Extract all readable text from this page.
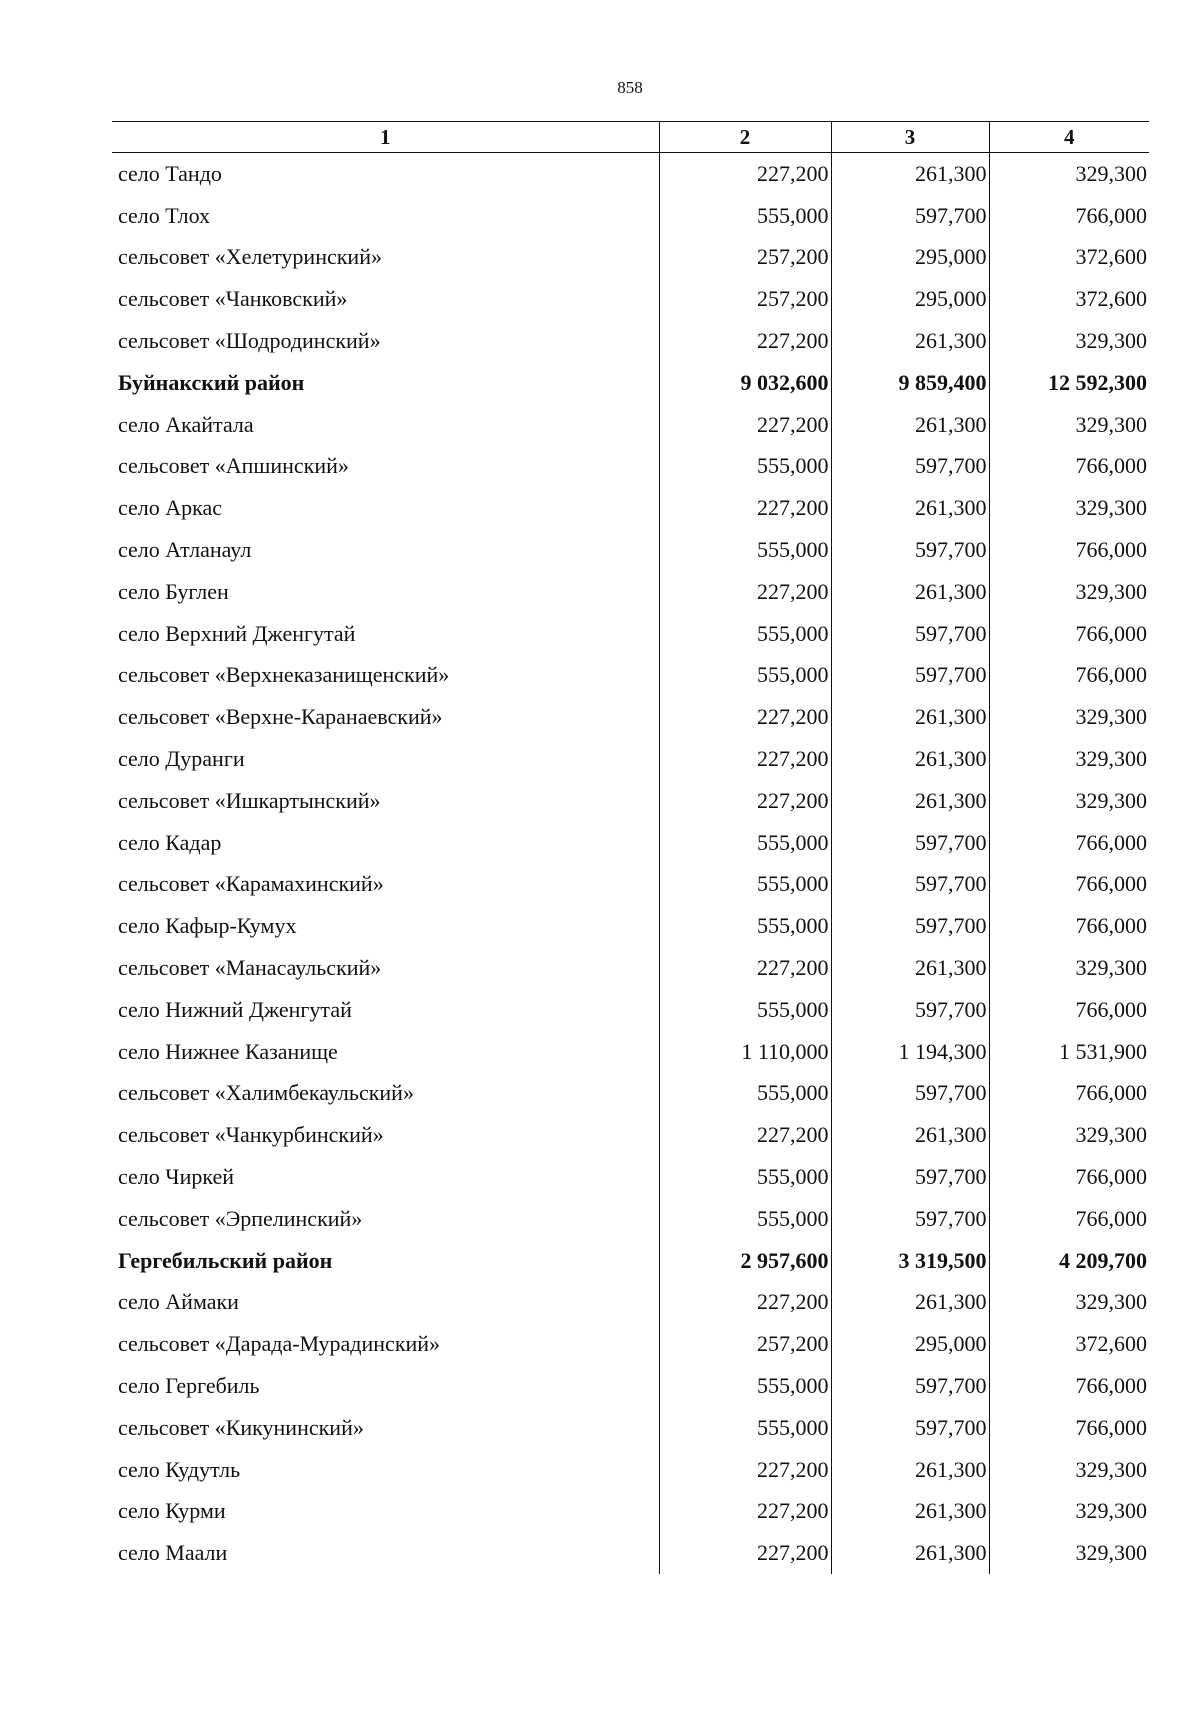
858
1	2	3	4
село Тандо	227,200	261,300	329,300
село Тлох	555,000	597,700	766,000
сельсовет «Хелетуринский»	257,200	295,000	372,600
сельсовет «Чанковский»	257,200	295,000	372,600
сельсовет «Шодродинский»	227,200	261,300	329,300
Буйнакский район	9 032,600	9 859,400	12 592,300
село Акайтала	227,200	261,300	329,300
сельсовет «Апшинский»	555,000	597,700	766,000
село Аркас	227,200	261,300	329,300
село Атланаул	555,000	597,700	766,000
село Буглен	227,200	261,300	329,300
село Верхний Дженгутай	555,000	597,700	766,000
сельсовет «Верхнеказанищенский»	555,000	597,700	766,000
сельсовет «Верхне-Каранаевский»	227,200	261,300	329,300
село Дуранги	227,200	261,300	329,300
сельсовет «Ишкартынский»	227,200	261,300	329,300
село Кадар	555,000	597,700	766,000
сельсовет «Карамахинский»	555,000	597,700	766,000
село Кафыр-Кумух	555,000	597,700	766,000
сельсовет «Манасаульский»	227,200	261,300	329,300
село Нижний Дженгутай	555,000	597,700	766,000
село Нижнее Казанище	1 110,000	1 194,300	1 531,900
сельсовет «Халимбекаульский»	555,000	597,700	766,000
сельсовет «Чанкурбинский»	227,200	261,300	329,300
село Чиркей	555,000	597,700	766,000
сельсовет «Эрпелинский»	555,000	597,700	766,000
Гергебильский район	2 957,600	3 319,500	4 209,700
село Аймаки	227,200	261,300	329,300
сельсовет «Дарада-Мурадинский»	257,200	295,000	372,600
село Гергебиль	555,000	597,700	766,000
сельсовет «Кикунинский»	555,000	597,700	766,000
село Кудутль	227,200	261,300	329,300
село Курми	227,200	261,300	329,300
село Маали	227,200	261,300	329,300
